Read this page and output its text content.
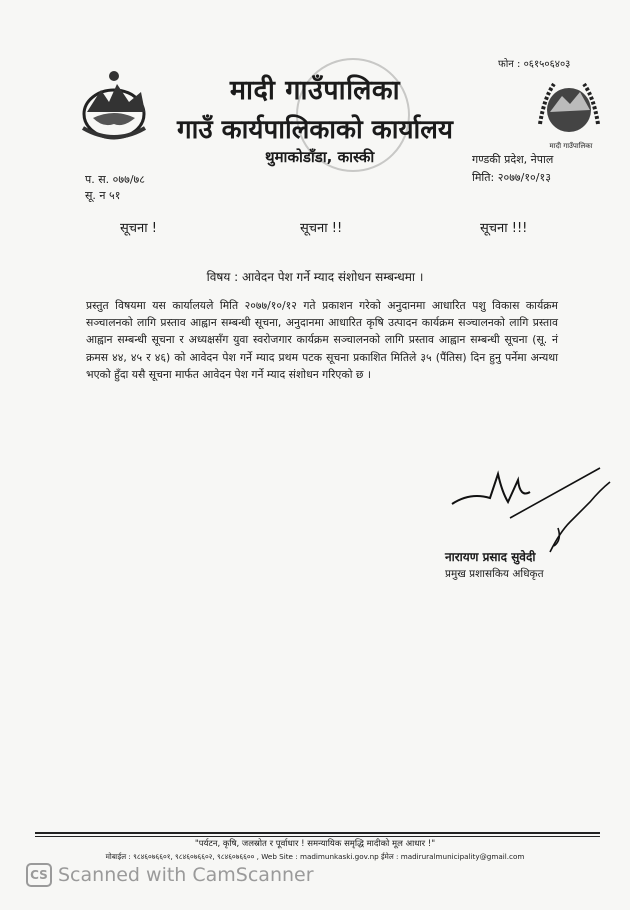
फोन : ०६१५०६४०३
मादी गाउँपालिका
गाउँ कार्यपालिकाको कार्यालय
थुमाकोडाँडा, कास्की
मादी गाउँपालिका
गण्डकी प्रदेश, नेपाल
मिति: २०७७/१०/१३
प. स. ०७७/७८
सू. न ५१
सूचना !	सूचना !!	सूचना !!!
विषय : आवेदन पेश गर्ने म्याद संशोधन सम्बन्धमा ।
प्रस्तुत विषयमा यस कार्यालयले मिति २०७७/१०/१२ गते प्रकाशन गरेको अनुदानमा आधारित पशु विकास कार्यक्रम सञ्चालनको लागि प्रस्ताव आह्वान सम्बन्धी सूचना, अनुदानमा आधारित कृषि उत्पादन कार्यक्रम सञ्चालनको लागि प्रस्ताव आह्वान सम्बन्धी सूचना र अध्यक्षसँग युवा स्वरोजगार कार्यक्रम सञ्चालनको लागि प्रस्ताव आह्वान सम्बन्धी सूचना (सू. नं क्रमस ४४, ४५ र ४६) को आवेदन पेश गर्ने म्याद प्रथम पटक सूचना प्रकाशित मितिले ३५ (पैंतिस) दिन हुनु पर्नेमा अन्यथा भएको हुँदा यसै सूचना मार्फत आवेदन पेश गर्ने म्याद संशोधन गरिएको छ ।
नारायण प्रसाद सुवेदी
प्रमुख प्रशासकिय अधिकृत
"पर्यटन, कृषि, जलस्रोत र पूर्वाधार ! समन्यायिक समृद्धि मादीको मूल आधार !"
मोबाईल : ९८४६०७६६०१, ९८४६०७६६०२, ९८४६०७६६०० , Web Site : madimunkaski.gov.np ईमेल : madiruralmunicipality@gmail.com
CS Scanned with CamScanner
